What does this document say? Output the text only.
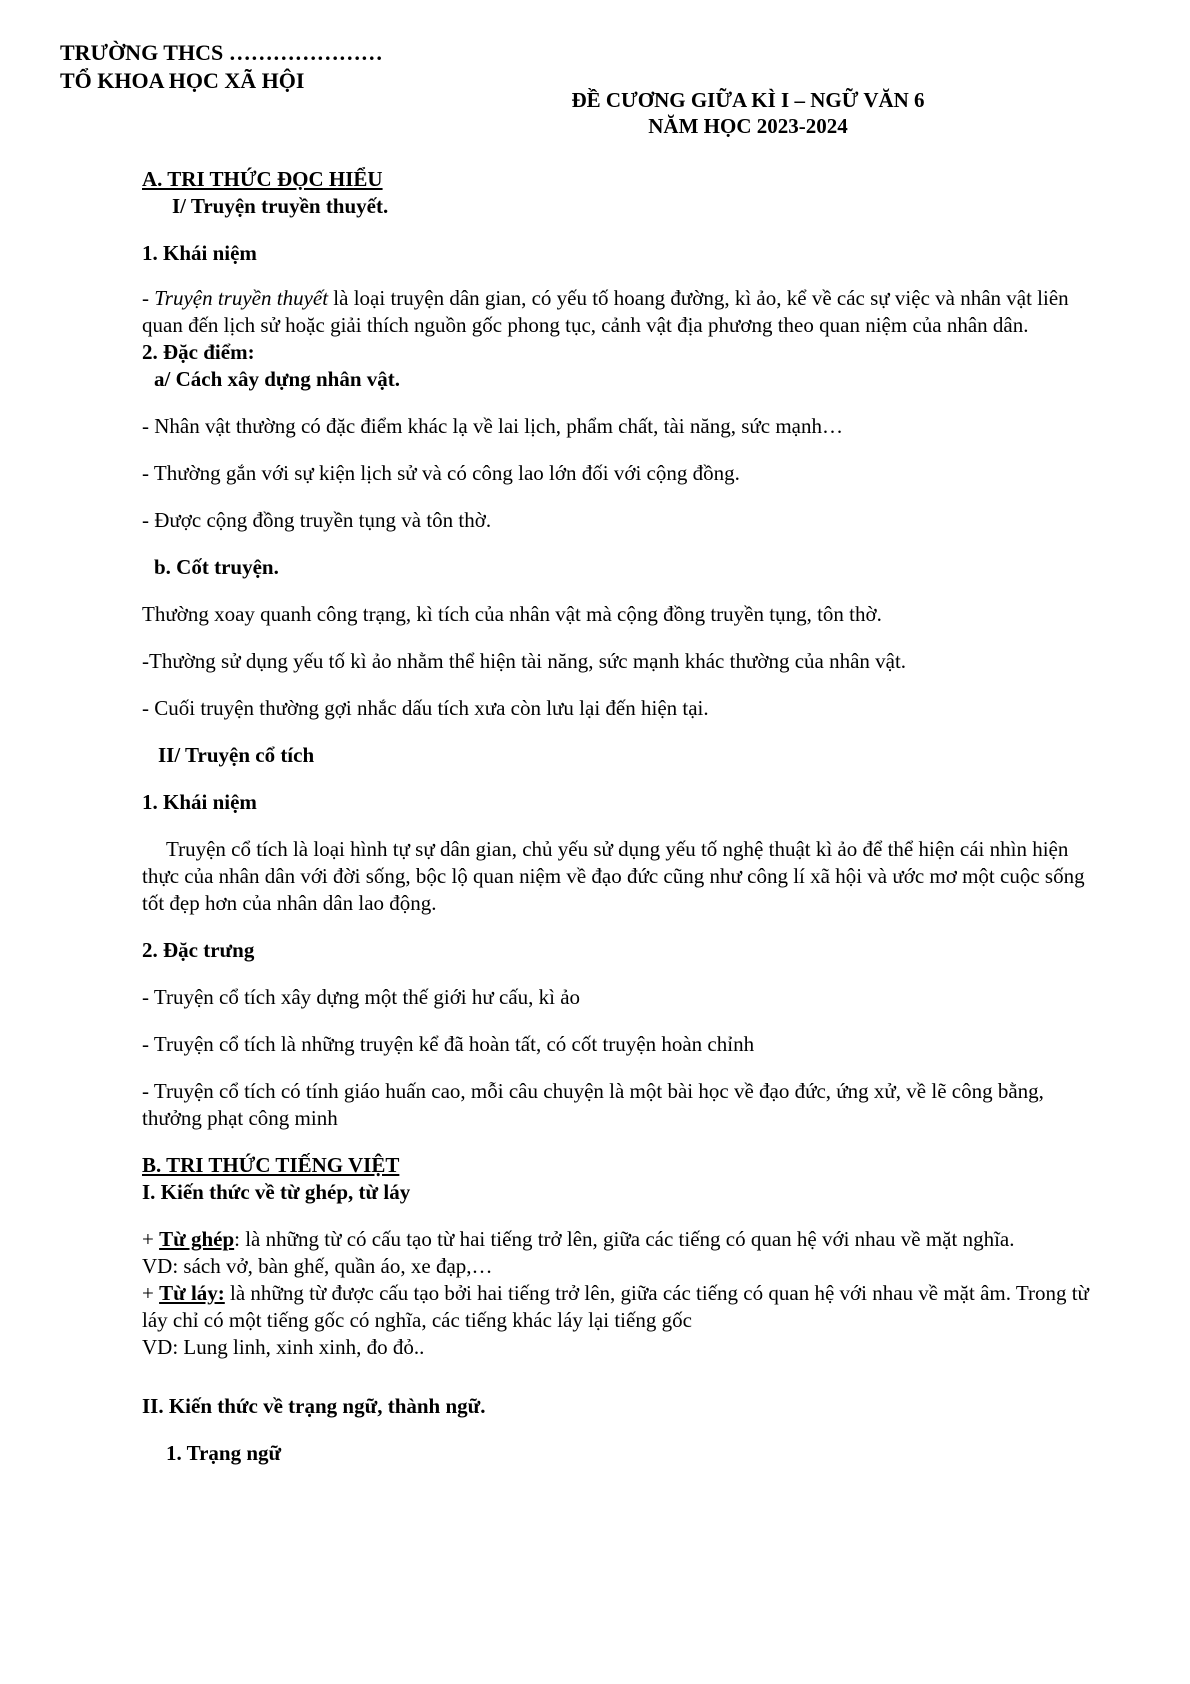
TRƯỜNG THCS …………………
TỔ KHOA HỌC XÃ HỘI
ĐỀ CƯƠNG GIỮA KÌ I – NGỮ VĂN 6
NĂM HỌC 2023-2024

A. TRI THỨC ĐỌC HIỂU

I/ Truyện truyền thuyết.

1. Khái niệm

- Truyện truyền thuyết là loại truyện dân gian, có yếu tố hoang đường, kì ảo, kể về các sự việc và nhân vật liên quan đến lịch sử hoặc giải thích nguồn gốc phong tục, cảnh vật địa phương theo quan niệm của nhân dân.

2. Đặc điểm:

a/ Cách xây dựng nhân vật.

- Nhân vật thường có đặc điểm khác lạ về lai lịch, phẩm chất, tài năng, sức mạnh…

- Thường gắn với sự kiện lịch sử và có công lao lớn đối với cộng đồng.

- Được cộng đồng truyền tụng và tôn thờ.

b. Cốt truyện.

Thường xoay quanh công trạng, kì tích của nhân vật mà cộng đồng truyền tụng, tôn thờ.

-Thường sử dụng yếu tố kì ảo nhằm thể hiện tài năng, sức mạnh khác thường của nhân vật.

- Cuối truyện thường gợi nhắc dấu tích xưa còn lưu lại đến hiện tại.

II/ Truyện cổ tích

1. Khái niệm

Truyện cổ tích là loại hình tự sự dân gian, chủ yếu sử dụng yếu tố nghệ thuật kì ảo để thể hiện cái nhìn hiện thực của nhân dân với đời sống, bộc lộ quan niệm về đạo đức cũng như công lí xã hội và ước mơ một cuộc sống tốt đẹp hơn của nhân dân lao động.

2. Đặc trưng

- Truyện cổ tích xây dựng một thế giới hư cấu, kì ảo

- Truyện cổ tích là những truyện kể đã hoàn tất, có cốt truyện hoàn chỉnh

- Truyện cổ tích có tính giáo huấn cao, mỗi câu chuyện là một bài học về đạo đức, ứng xử, về lẽ công bằng, thưởng phạt công minh

B. TRI THỨC TIẾNG VIỆT

I. Kiến thức về từ ghép, từ láy

+ Từ ghép: là những từ có cấu tạo từ hai tiếng trở lên, giữa các tiếng có quan hệ với nhau về mặt nghĩa.

VD: sách vở, bàn ghế, quần áo, xe đạp,…

+ Từ láy: là những từ được cấu tạo bởi hai tiếng trở lên, giữa các tiếng có quan hệ với nhau về mặt âm. Trong từ láy chỉ có một tiếng gốc có nghĩa, các tiếng khác láy lại tiếng gốc

VD: Lung linh, xinh xinh, đo đỏ..

II. Kiến thức về trạng ngữ, thành ngữ.

1. Trạng ngữ
